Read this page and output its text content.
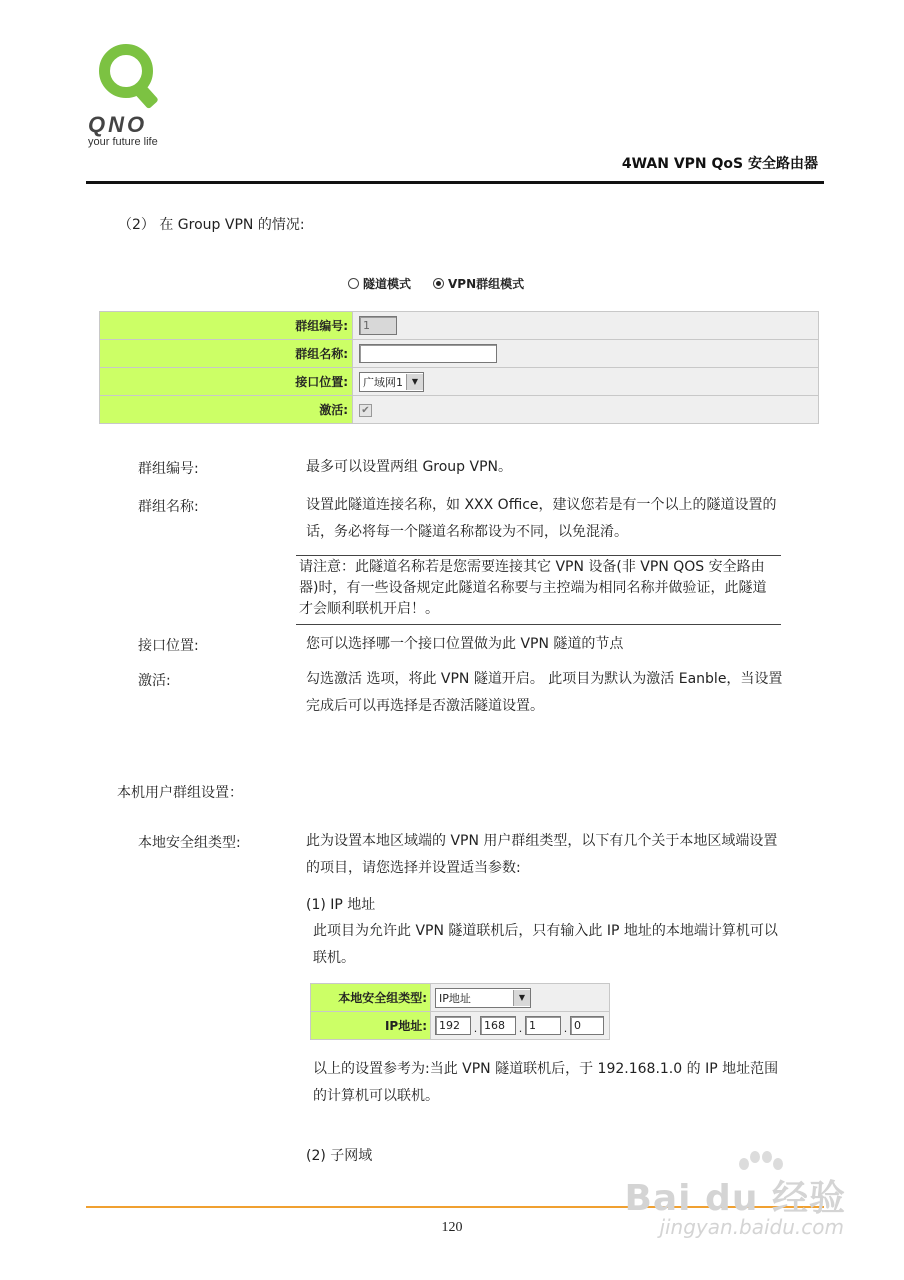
QNO
your future life
4WAN VPN QoS 安全路由器
（2） 在 Group VPN 的情况:
隧道模式	VPN群组模式
群组编号:	1
群组名称:	
接口位置:	广域网1 ▼

激活:	✔
群组编号:	最多可以设置两组 Group VPN。
群组名称:	设置此隧道连接名称，如 XXX Office，建议您若是有一个以上的隧道设置的话，务必将每一个隧道名称都设为不同，以免混淆。
请注意：此隧道名称若是您需要连接其它 VPN 设备(非 VPN QOS 安全路由器)时，有一些设备规定此隧道名称要与主控端为相同名称并做验证，此隧道才会顺利联机开启！。
接口位置:	您可以选择哪一个接口位置做为此 VPN 隧道的节点
激活:	勾选激活 选项，将此 VPN 隧道开启。 此项目为默认为激活 Eanble，当设置完成后可以再选择是否激活隧道设置。
本机用户群组设置：
本地安全组类型:	此为设置本地区域端的 VPN 用户群组类型，以下有几个关于本地区域端设置的项目，请您选择并设置适当参数:
(1) IP 地址
此项目为允许此 VPN 隧道联机后，只有输入此 IP 地址的本地端计算机可以联机。
本地安全组类型:	IP地址 ▼

IP地址:	192 . 168 . 1 . 0
以上的设置参考为:当此 VPN 隧道联机后，于 192.168.1.0 的 IP 地址范围的计算机可以联机。
(2) 子网域
120
Bai du 经验
jingyan.baidu.com
